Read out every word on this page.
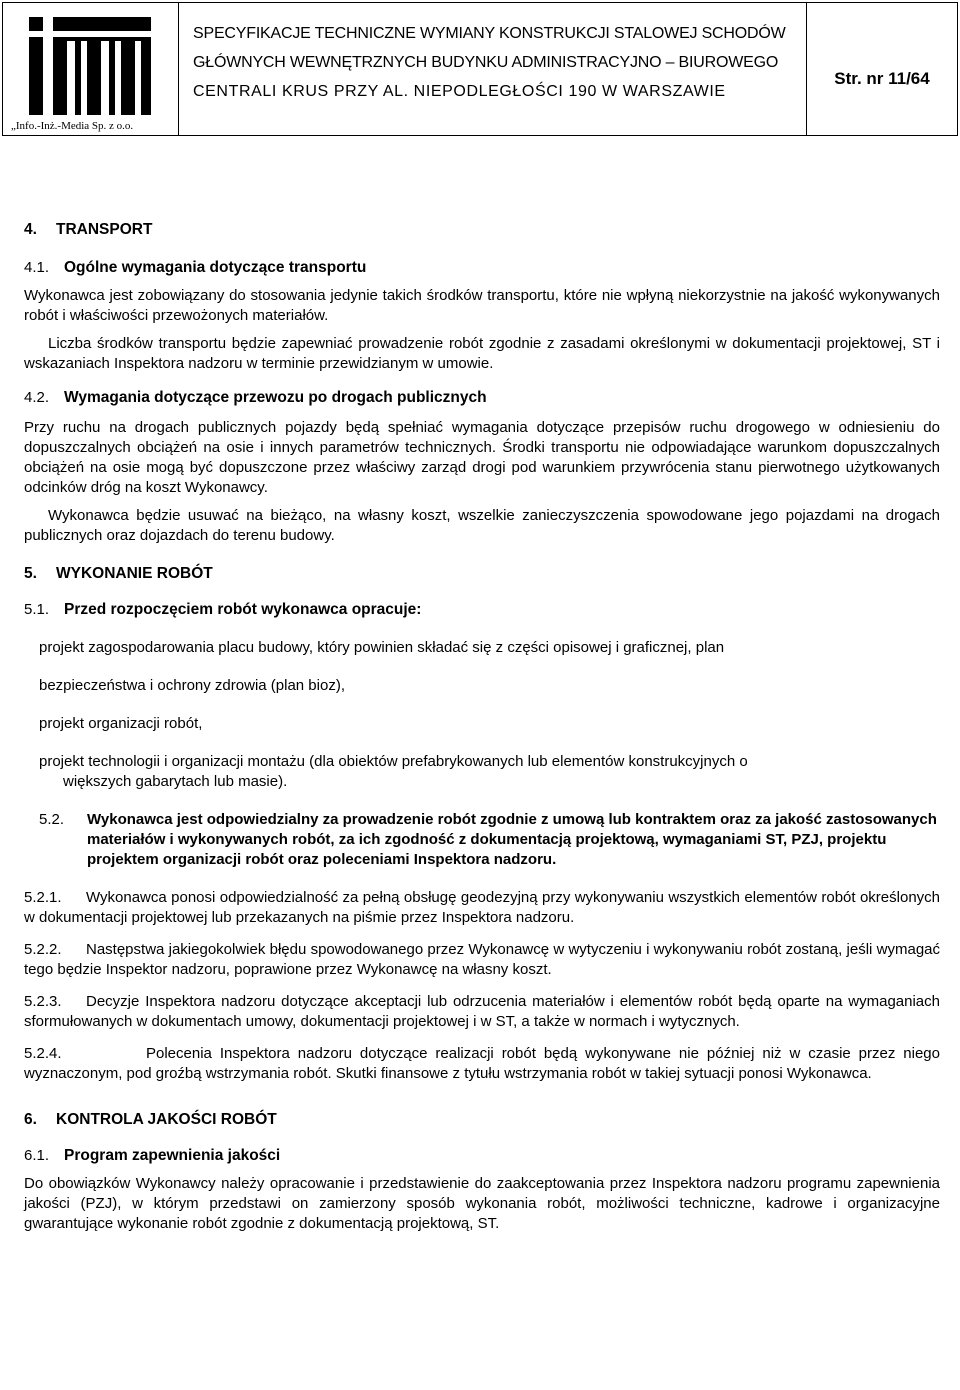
„Info.-Inż.-Media Sp. z o.o.
SPECYFIKACJE TECHNICZNE WYMIANY KONSTRUKCJI STALOWEJ SCHODÓW
GŁÓWNYCH WEWNĘTRZNYCH BUDYNKU ADMINISTRACYJNO – BIUROWEGO
CENTRALI KRUS PRZY AL. NIEPODLEGŁOŚCI 190 W WARSZAWIE
Str. nr 11/64

4. TRANSPORT

4.1. Ogólne wymagania dotyczące transportu

Wykonawca jest zobowiązany do stosowania jedynie takich środków transportu, które nie wpłyną niekorzystnie na jakość wykonywanych robót i właściwości przewożonych materiałów.

Liczba środków transportu będzie zapewniać prowadzenie robót zgodnie z zasadami określonymi w dokumentacji projektowej, ST i wskazaniach Inspektora nadzoru w terminie przewidzianym w umowie.

4.2. Wymagania dotyczące przewozu po drogach publicznych

Przy ruchu na drogach publicznych pojazdy będą spełniać wymagania dotyczące przepisów ruchu drogowego w odniesieniu do dopuszczalnych obciążeń na osie i innych parametrów technicznych. Środki transportu nie odpowiadające warunkom dopuszczalnych obciążeń na osie mogą być dopuszczone przez właściwy zarząd drogi pod warunkiem przywrócenia stanu pierwotnego użytkowanych odcinków dróg na koszt Wykonawcy.

Wykonawca będzie usuwać na bieżąco, na własny koszt, wszelkie zanieczyszczenia spowodowane jego pojazdami na drogach publicznych oraz dojazdach do terenu budowy.

5. WYKONANIE ROBÓT

5.1. Przed rozpoczęciem robót wykonawca opracuje:

projekt zagospodarowania placu budowy, który powinien składać się z części opisowej i graficznej, plan

bezpieczeństwa i ochrony zdrowia (plan bioz),

projekt organizacji robót,

projekt technologii i organizacji montażu (dla obiektów prefabrykowanych lub elementów konstrukcyjnych o

większych gabarytach lub masie).

5.2.	Wykonawca jest odpowiedzialny za prowadzenie robót zgodnie z umową lub kontraktem oraz za jakość zastosowanych materiałów i wykonywanych robót, za ich zgodność z dokumentacją projektową, wymaganiami ST, PZJ, projektu projektem organizacji robót oraz poleceniami Inspektora nadzoru.

5.2.1. Wykonawca ponosi odpowiedzialność za pełną obsługę geodezyjną przy wykonywaniu wszystkich elementów robót określonych w dokumentacji projektowej lub przekazanych na piśmie przez Inspektora nadzoru.

5.2.2. Następstwa jakiegokolwiek błędu spowodowanego przez Wykonawcę w wytyczeniu i wykonywaniu robót zostaną, jeśli wymagać tego będzie Inspektor nadzoru, poprawione przez Wykonawcę na własny koszt.

5.2.3. Decyzje Inspektora nadzoru dotyczące akceptacji lub odrzucenia materiałów i elementów robót będą oparte na wymaganiach sformułowanych w dokumentach umowy, dokumentacji projektowej i w ST, a także w normach i wytycznych.

5.2.4.	Polecenia Inspektora nadzoru dotyczące realizacji robót będą wykonywane nie później niż w czasie przez niego wyznaczonym, pod groźbą wstrzymania robót. Skutki finansowe z tytułu wstrzymania robót w takiej sytuacji ponosi Wykonawca.

6. KONTROLA JAKOŚCI ROBÓT

6.1. Program zapewnienia jakości

Do obowiązków Wykonawcy należy opracowanie i przedstawienie do zaakceptowania przez Inspektora nadzoru programu zapewnienia jakości (PZJ), w którym przedstawi on zamierzony sposób wykonania robót, możliwości techniczne, kadrowe i organizacyjne gwarantujące wykonanie robót zgodnie z dokumentacją projektową, ST.
